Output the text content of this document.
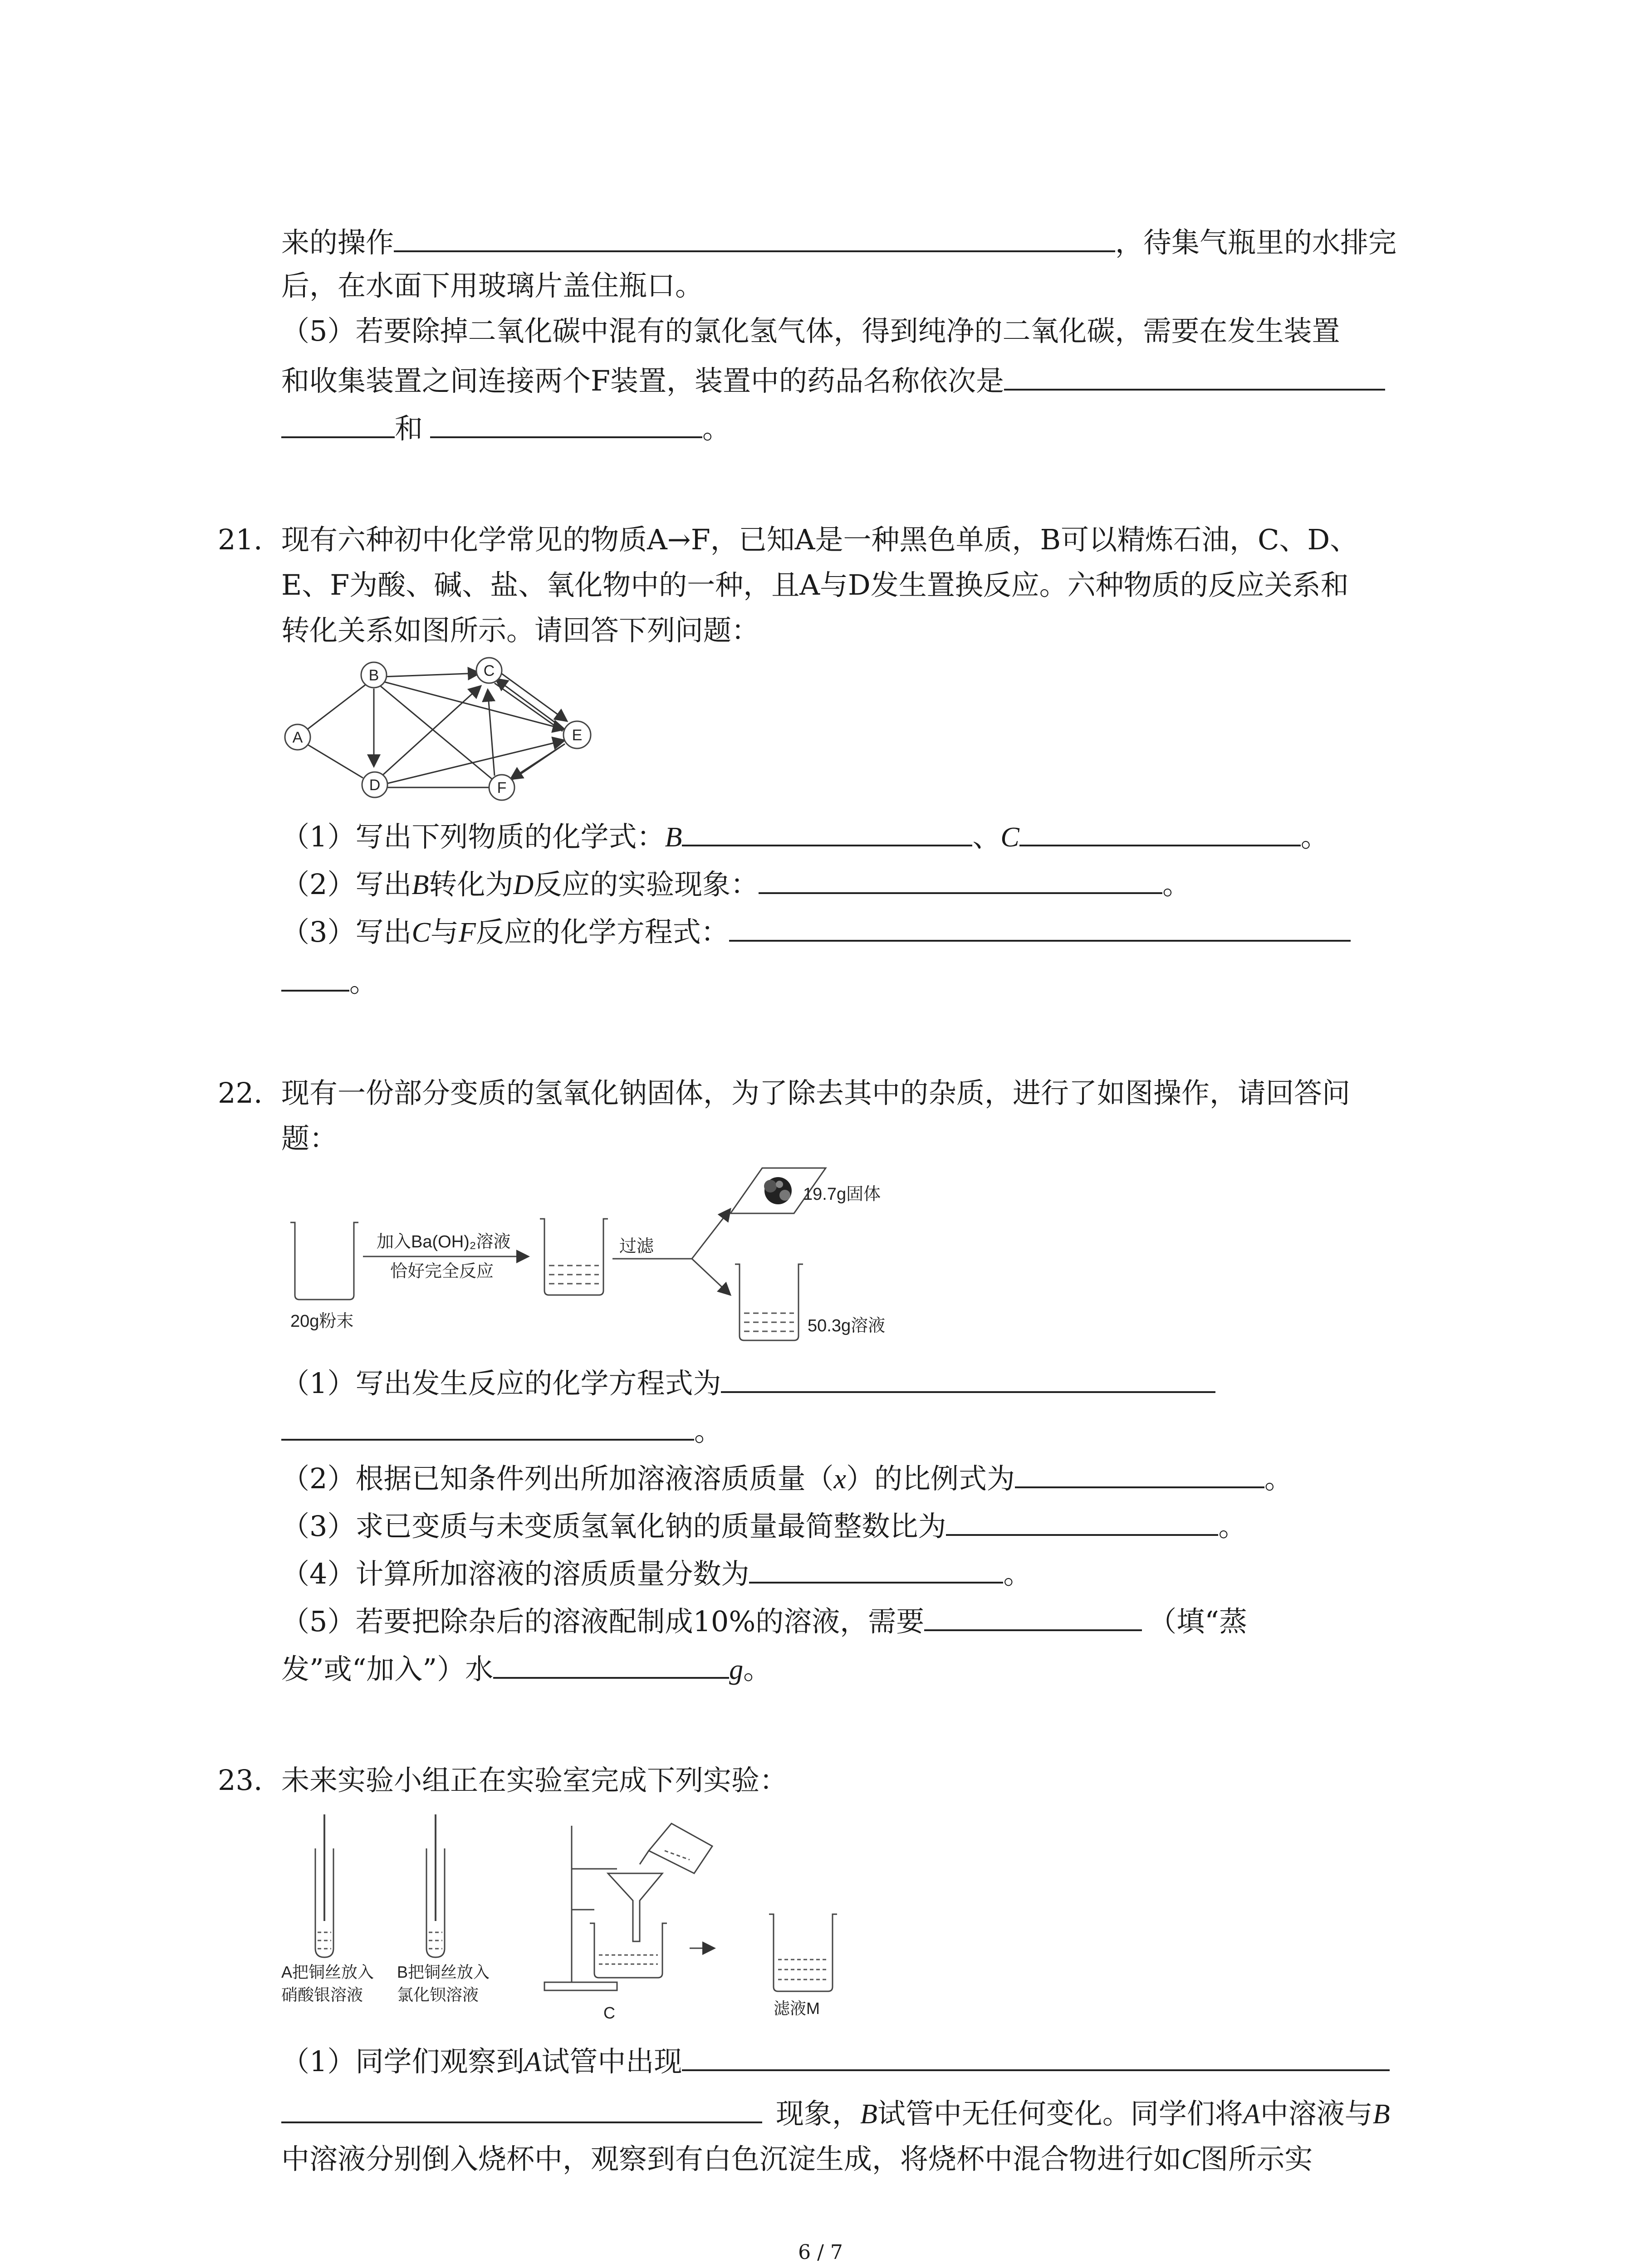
来的操作	，待集气瓶里的水排完
后，在水面下用玻璃片盖住瓶口。
（5）若要除掉二氧化碳中混有的氯化氢气体，得到纯净的二氧化碳，需要在发生装置
和收集装置之间连接两个F装置，装置中的药品名称依次是
和	。
21. 现有六种初中化学常见的物质A→F，已知A是一种黑色单质，B可以精炼石油，C、D、
E、F为酸、碱、盐、氧化物中的一种，且A与D发生置换反应。六种物质的反应关系和
转化关系如图所示。请回答下列问题：
A
B	C
D
E
F
（1）写出下列物质的化学式：B	、C	。
（2）写出B转化为D反应的实验现象：	。
（3）写出C与F反应的化学方程式：
。
22. 现有一份部分变质的氢氧化钠固体，为了除去其中的杂质，进行了如图操作，请回答问
题：
20g粉末
加入Ba(OH)₂溶液
恰好完全反应
过滤
19.7g固体
50.3g溶液
（1）写出发生反应的化学方程式为
。
（2）根据已知条件列出所加溶液溶质质量（x）的比例式为	。
（3）求已变质与未变质氢氧化钠的质量最简整数比为	。
（4）计算所加溶液的溶质质量分数为	。
（5）若要把除杂后的溶液配制成10%的溶液，需要	（填“蒸
发”或“加入”）水	g。
23. 未来实验小组正在实验室完成下列实验：
A把铜丝放入
硝酸银溶液
B把铜丝放入
氯化钡溶液
C	滤液M
（1）同学们观察到A试管中出现
现象，B试管中无任何变化。同学们将A中溶液与B
中溶液分别倒入烧杯中，观察到有白色沉淀生成，将烧杯中混合物进行如C图所示实
6 / 7
